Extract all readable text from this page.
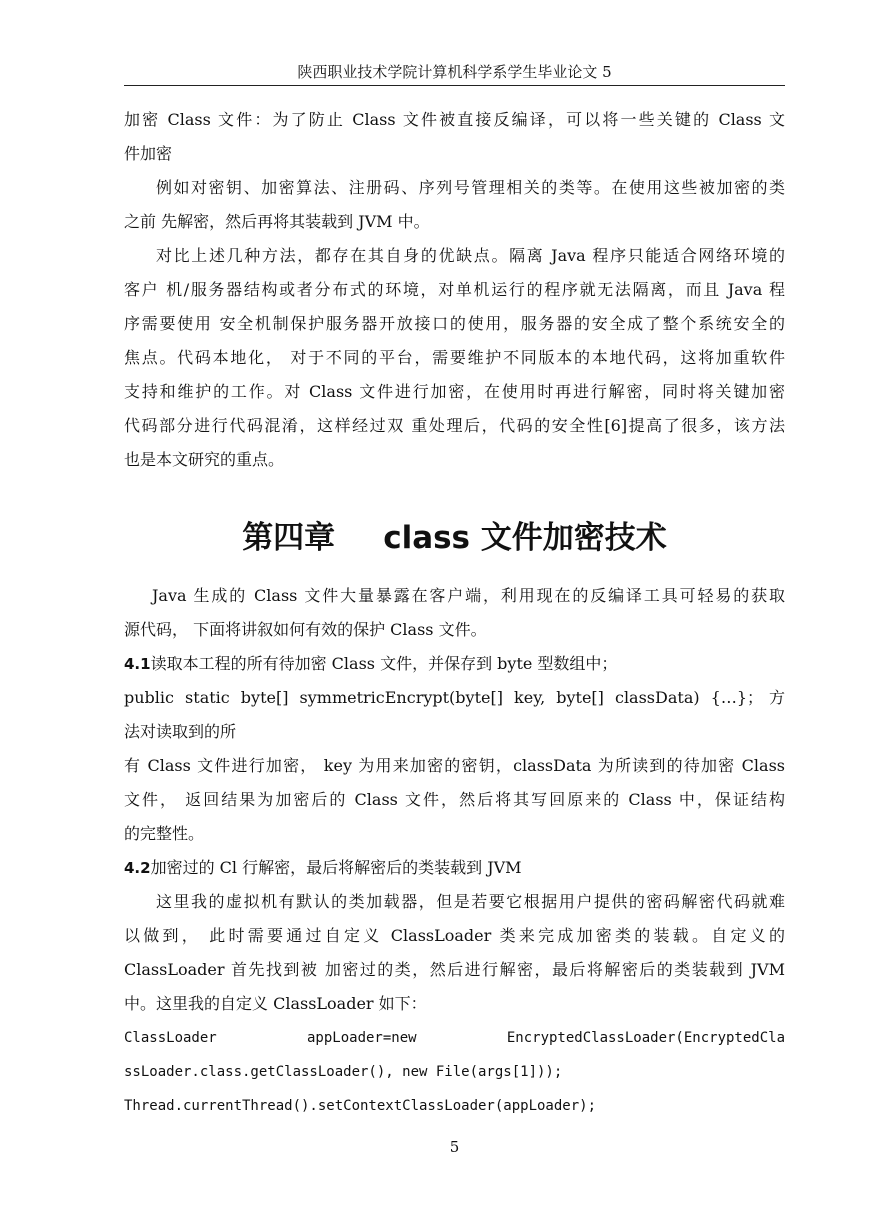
陕西职业技术学院计算机科学系学生毕业论文 5
加密 Class 文件：为了防止 Class 文件被直接反编译，可以将一些关键的 Class 文
件加密
例如对密钥、加密算法、注册码、序列号管理相关的类等。在使用这些被加密的类
之前 先解密，然后再将其装载到 JVM 中。
对比上述几种方法，都存在其自身的优缺点。隔离 Java 程序只能适合网络环境的
客户 机/服务器结构或者分布式的环境，对单机运行的程序就无法隔离，而且 Java 程
序需要使用 安全机制保护服务器开放接口的使用，服务器的安全成了整个系统安全的
焦点。代码本地化， 对于不同的平台，需要维护不同版本的本地代码，这将加重软件
支持和维护的工作。对 Class 文件进行加密，在使用时再进行解密，同时将关键加密
代码部分进行代码混淆，这样经过双 重处理后，代码的安全性[6]提高了很多，该方法
也是本文研究的重点。
第四章 class 文件加密技术
Java 生成的 Class 文件大量暴露在客户端，利用现在的反编译工具可轻易的获取
源代码， 下面将讲叙如何有效的保护 Class 文件。
4.1读取本工程的所有待加密 Class 文件，并保存到 byte 型数组中；
public static byte[] symmetricEncrypt(byte[] key, byte[] classData) {…}；方
法对读取到的所
有 Class 文件进行加密， key 为用来加密的密钥，classData 为所读到的待加密 Class
文件， 返回结果为加密后的 Class 文件，然后将其写回原来的 Class 中，保证结构
的完整性。
4.2加密过的 Cl 行解密，最后将解密后的类装载到 JVM
这里我的虚拟机有默认的类加载器，但是若要它根据用户提供的密码解密代码就难
以做到， 此时需要通过自定义 ClassLoader 类来完成加密类的装载。自定义的
ClassLoader 首先找到被 加密过的类，然后进行解密，最后将解密后的类装载到 JVM
中。这里我的自定义 ClassLoader 如下：
ClassLoader appLoader=new EncryptedClassLoader(EncryptedCla
ssLoader.class.getClassLoader(), new File(args[1]));
Thread.currentThread().setContextClassLoader(appLoader);
5
